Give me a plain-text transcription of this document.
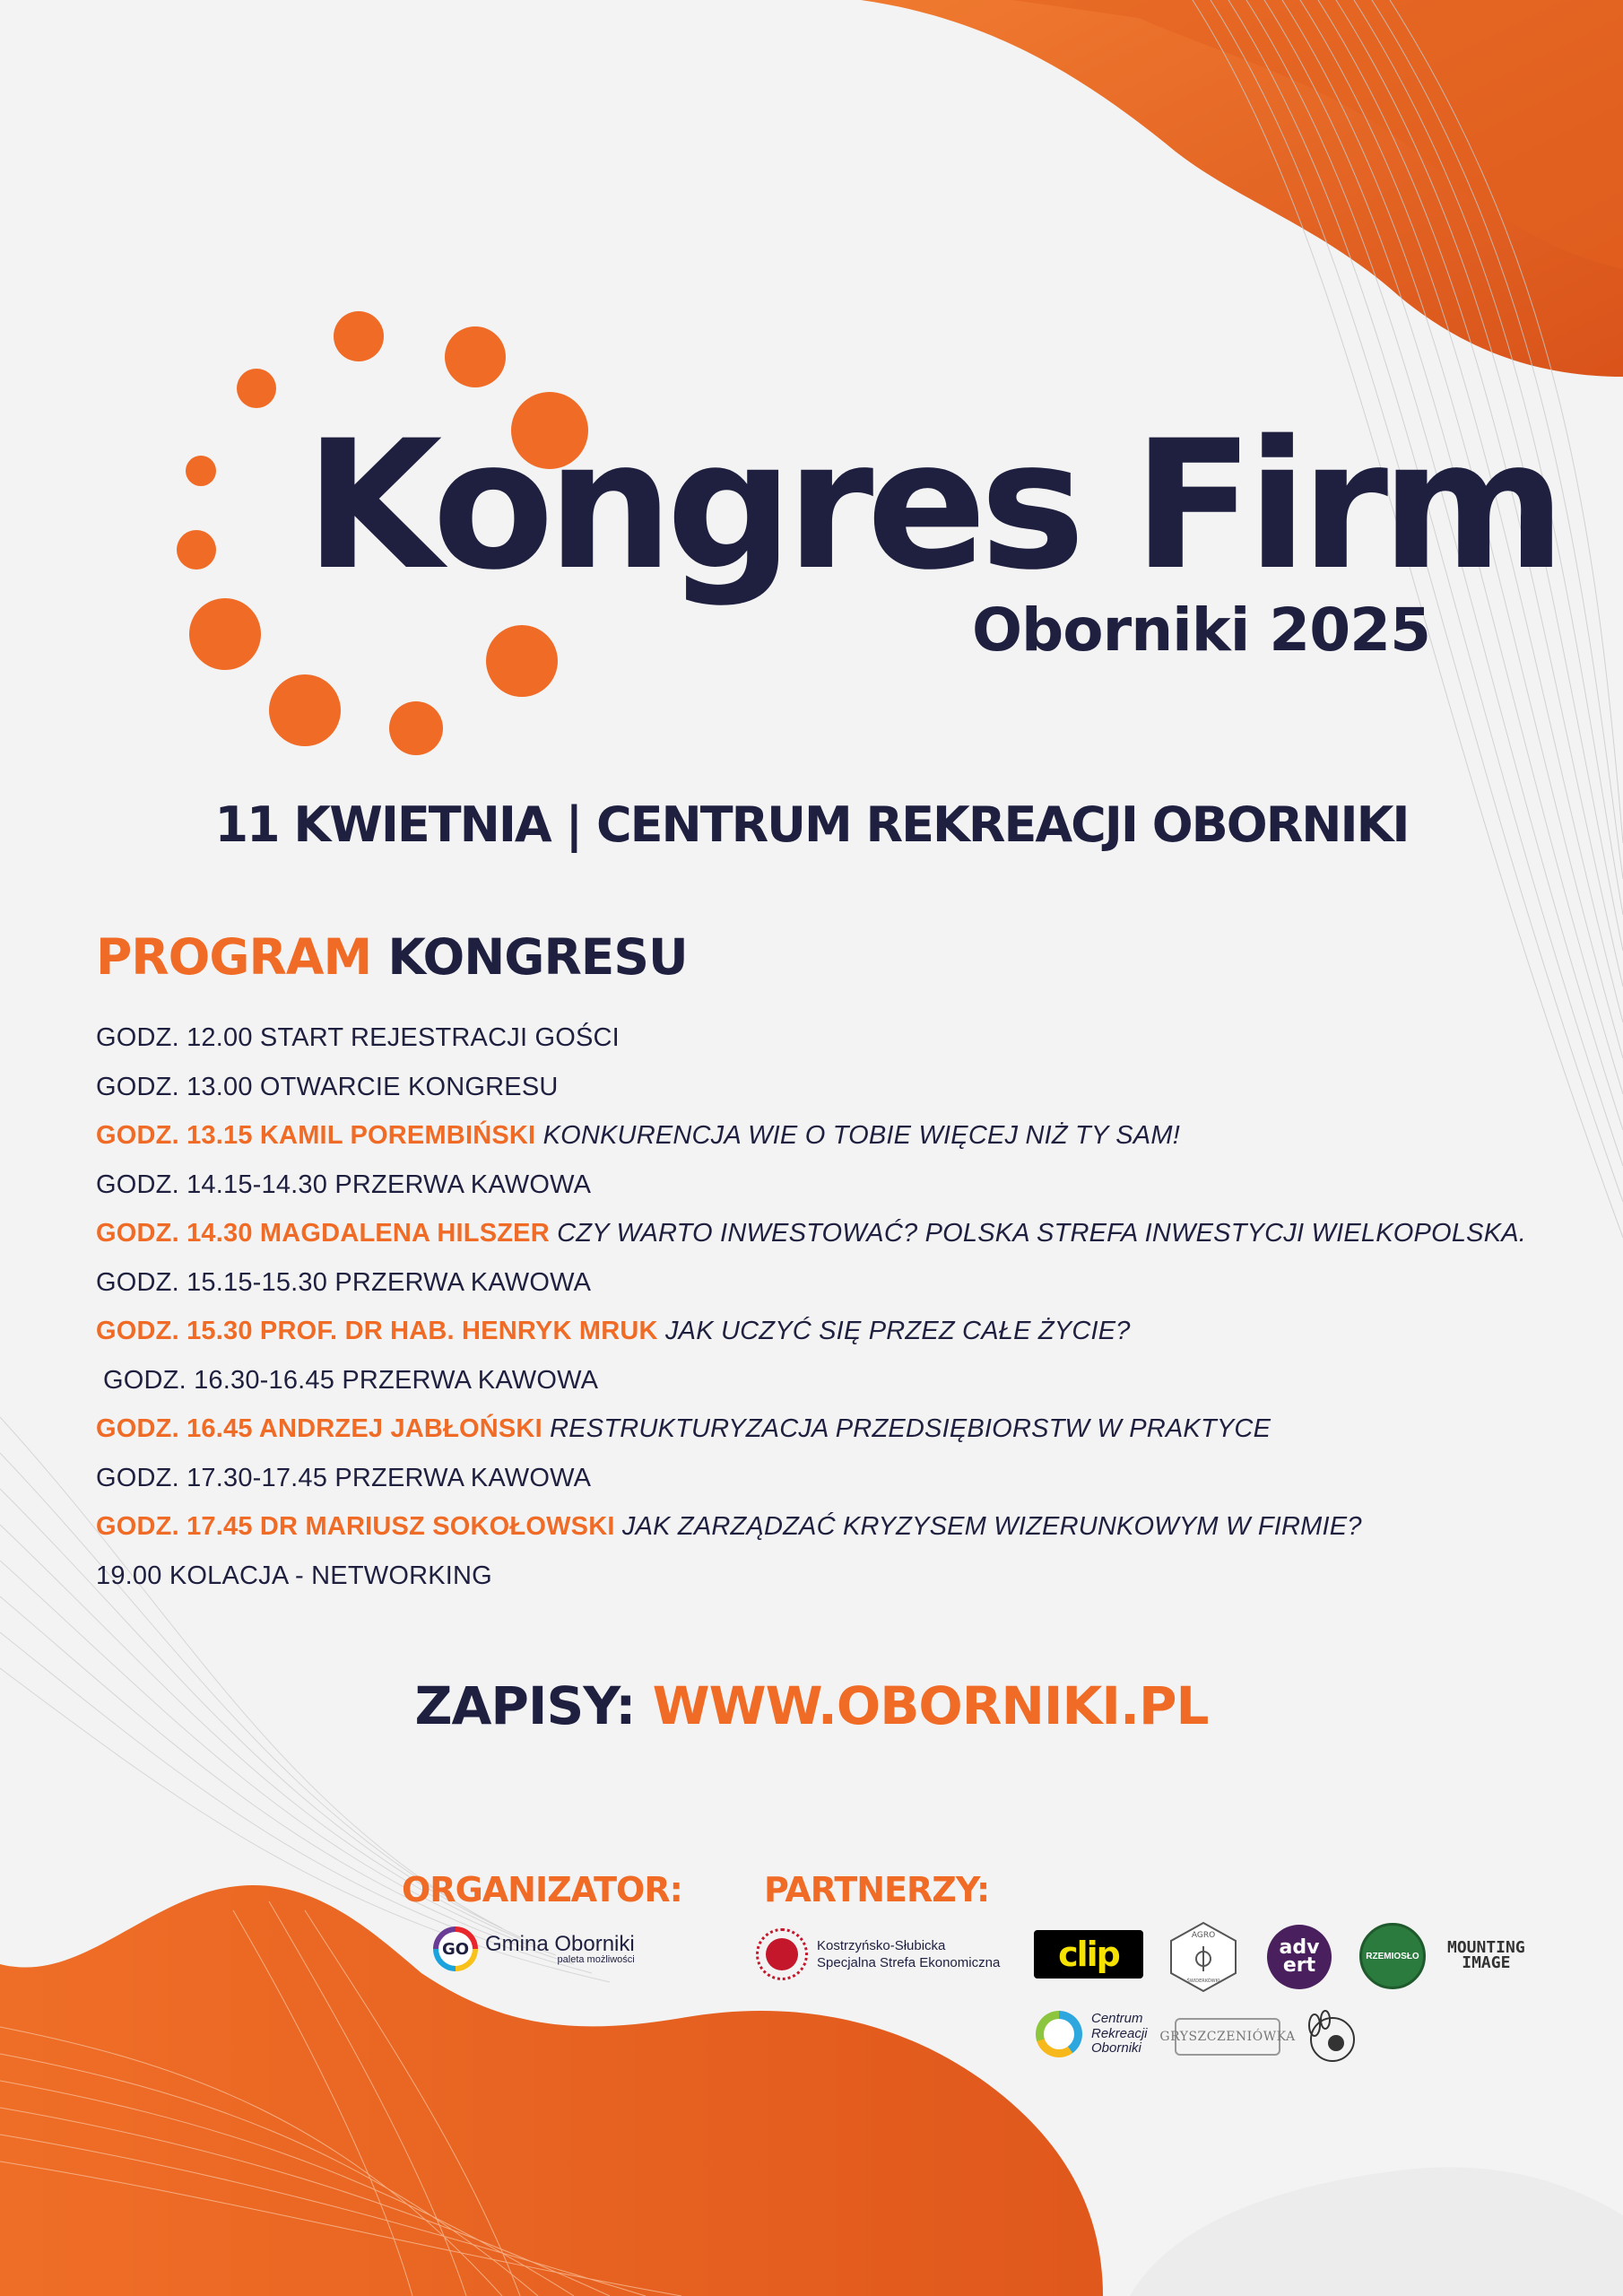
Kongres Firm
Oborniki 2025
11 KWIETNIA | CENTRUM REKREACJI OBORNIKI
PROGRAM KONGRESU
GODZ. 12.00 START REJESTRACJI GOŚCI
GODZ. 13.00 OTWARCIE KONGRESU
GODZ. 13.15 KAMIL POREMBIŃSKI KONKURENCJA WIE O TOBIE WIĘCEJ NIŻ TY SAM!
GODZ. 14.15-14.30 PRZERWA KAWOWA
GODZ. 14.30 MAGDALENA HILSZER CZY WARTO INWESTOWAĆ? POLSKA STREFA INWESTYCJI WIELKOPOLSKA.
GODZ. 15.15-15.30 PRZERWA KAWOWA
GODZ. 15.30 PROF. DR HAB. HENRYK MRUK JAK UCZYĆ SIĘ PRZEZ CAŁE ŻYCIE?
GODZ. 16.30-16.45 PRZERWA KAWOWA
GODZ. 16.45 ANDRZEJ JABŁOŃSKI RESTRUKTURYZACJA PRZEDSIĘBIORSTW W PRAKTYCE
GODZ. 17.30-17.45 PRZERWA KAWOWA
GODZ. 17.45 DR MARIUSZ SOKOŁOWSKI JAK ZARZĄDZAĆ KRYZYSEM WIZERUNKOWYM W FIRMIE?
19.00 KOLACJA - NETWORKING
ZAPISY: WWW.OBORNIKI.PL
ORGANIZATOR: PARTNERZY:
GO Gmina Oborniki
paleta możliwości
Kostrzyńsko-Słubicka
Specjalna Strefa Ekonomiczna clip	AGRO
ŚWIDERKÓWKI
adv
ert	RZEMIOSŁO MOUNTING
IMAGE
Centrum
Rekreacji
Oborniki
GRYSZCZENIÓWKA
